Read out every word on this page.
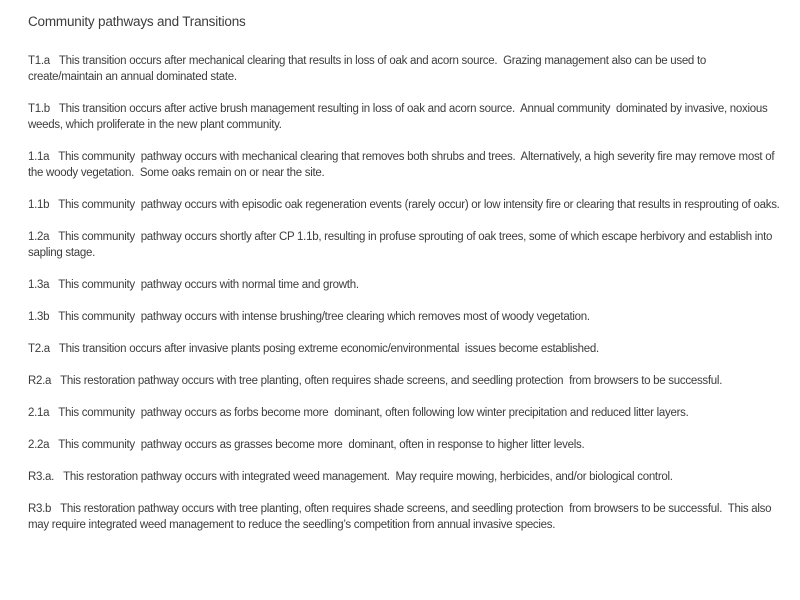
Community pathways and Transitions

T1.a This transition occurs after mechanical clearing that results in loss of oak and acorn source.  Grazing management also can be used to create/maintain an annual dominated state.

T1.b This transition occurs after active brush management resulting in loss of oak and acorn source.  Annual community  dominated by invasive, noxious weeds, which proliferate in the new plant community.

1.1a This community  pathway occurs with mechanical clearing that removes both shrubs and trees.  Alternatively, a high severity fire may remove most of the woody vegetation.  Some oaks remain on or near the site.

1.1b This community  pathway occurs with episodic oak regeneration events (rarely occur) or low intensity fire or clearing that results in resprouting of oaks.

1.2a This community  pathway occurs shortly after CP 1.1b, resulting in profuse sprouting of oak trees, some of which escape herbivory and establish into sapling stage.

1.3a This community  pathway occurs with normal time and growth.

1.3b This community  pathway occurs with intense brushing/tree clearing which removes most of woody vegetation.

T2.a This transition occurs after invasive plants posing extreme economic/environmental  issues become established.

R2.a This restoration pathway occurs with tree planting, often requires shade screens, and seedling protection  from browsers to be successful.

2.1a This community  pathway occurs as forbs become more  dominant, often following low winter precipitation and reduced litter layers.

2.2a This community  pathway occurs as grasses become more  dominant, often in response to higher litter levels.

R3.a. This restoration pathway occurs with integrated weed management.  May require mowing, herbicides, and/or biological control.

R3.b This restoration pathway occurs with tree planting, often requires shade screens, and seedling protection  from browsers to be successful.  This also may require integrated weed management to reduce the seedling’s competition from annual invasive species.
